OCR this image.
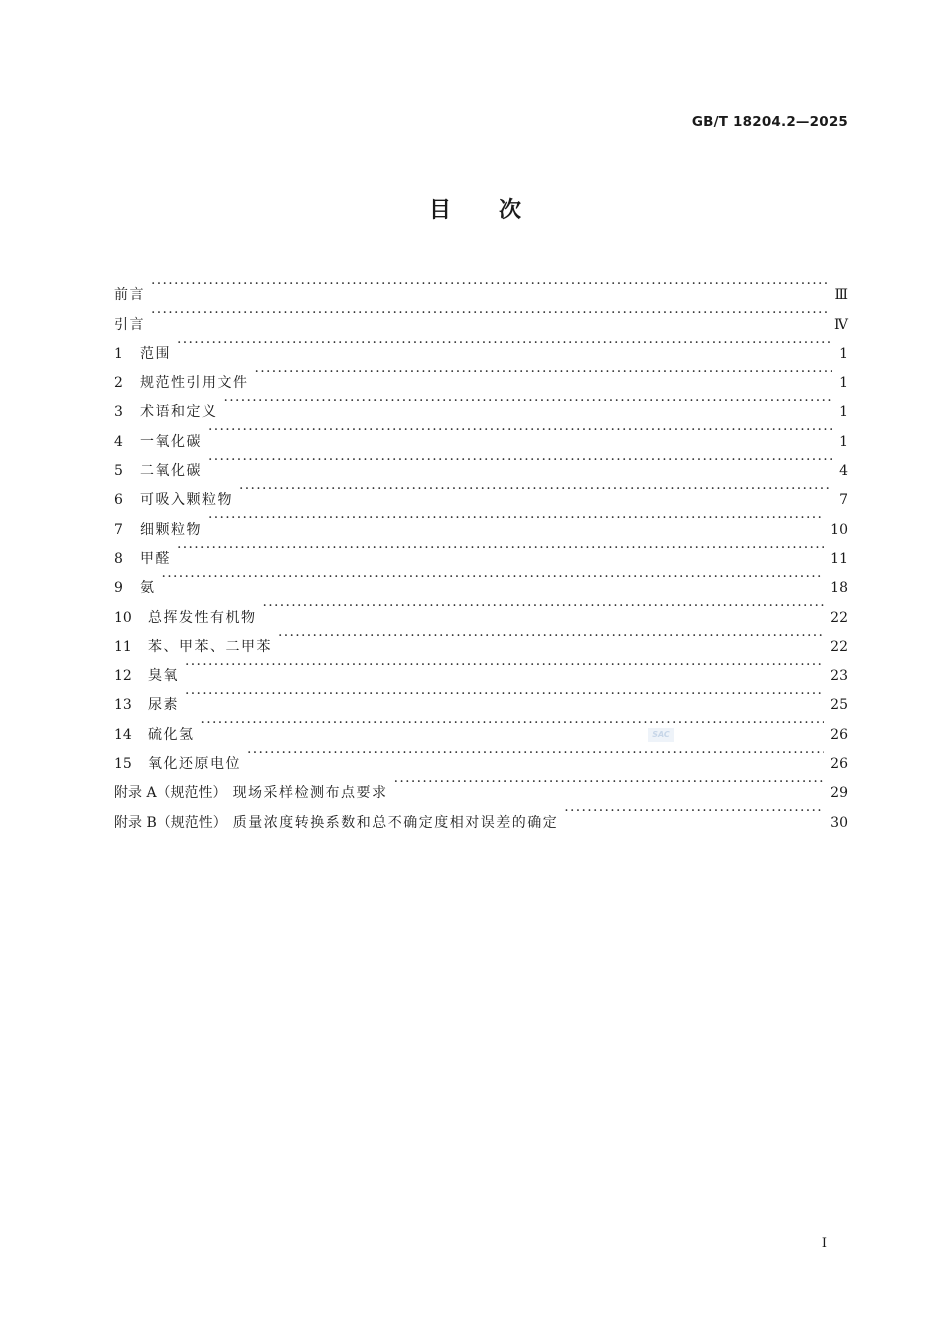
GB/T 18204.2—2025
目次
前言 ·····	Ⅲ
引言 ·····	Ⅳ
1	范围 ·····	1
2	规范性引用文件 ·····	1
3	术语和定义 ·····	1
4	一氧化碳 ·····	1
5	二氧化碳 ·····	4
6	可吸入颗粒物 ·····	7
7	细颗粒物 ·····	10
8	甲醛 ·····	11
9	氨 ·····	18
10	总挥发性有机物 ·····	22
11	苯、甲苯、二甲苯 ·····	22
12	臭氧 ·····	23
13	尿素 ·····	25
14	硫化氢 ·····	26
15	氧化还原电位 ·····	26
附录 A（规范性） 现场采样检测布点要求 ·····	29
附录 B（规范性） 质量浓度转换系数和总不确定度相对误差的确定 ·····	30
SAC
I
